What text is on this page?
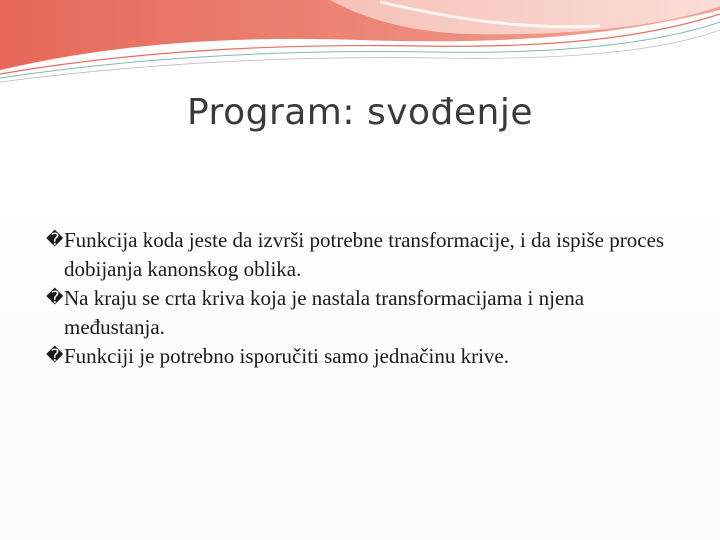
Program: svođenje
� Funkcija koda jeste da izvrši potrebne transformacije, i da ispiše proces dobijanja kanonskog oblika.
� Na kraju se crta kriva koja je nastala transformacijama i njena međustanja.
� Funkciji je potrebno isporučiti samo jednačinu krive.
